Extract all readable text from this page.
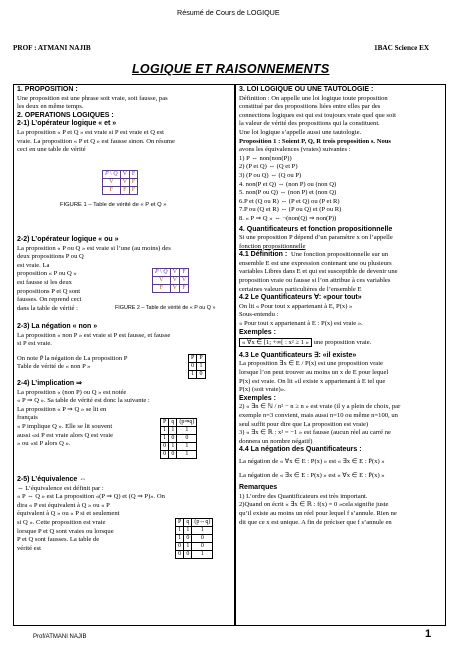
Résumé de Cours de LOGIQUE
PROF : ATMANI NAJIB	1BAC Science EX
LOGIQUE ET RAISONNEMENTS
1. PROPOSITION :
Une proposition est une phrase soit vraie, soit fausse, pas
les deux en même temps.
2. OPERATIONS LOGIQUES :
2-1) L’opérateur logique « et »
La proposition « P et Q » est vraie si P est vraie et Q est
vraie. La proposition « P et Q » est fausse sinon. On résume
ceci en une table de vérité
P \ Q	V	F
V	V	F
F	F	F
FIGURE 1 – Table de vérité de « P et Q »
2-2) L’opérateur logique « ou »
La proposition « P ou Q » est vraie si l’une (au moins) des
deux propositions P ou Q
est vraie. La
proposition « P ou Q »
est fausse si les deux
propositions P et Q sont
fausses. On reprend ceci
dans la table de vérité :
P \ Q	V	F
V	V	V
F	V	F
FIGURE 2 – Table de vérité de « P ou Q »
2-3) La négation « non »
La proposition « non P » est vraie si P est fausse, et fausse
si P est vraie.
On note P̄ la négation de La proposition P
Table de vérité de « non P »
P	P̄
0	1
1	0
2-4) L’implication ⇒
La proposition « (non P) ou Q » est notée
« P ⇒ Q ». Sa table de vérité est donc la suivante :
La proposition « P ⇒ Q » se lit en
français
« P implique Q ». Elle se lit souvent
aussi «si P est vraie alors Q est vraie
» ou «si P alors Q ».
P	q	(p⇒q)
1	1	1
1	0	0
0	1	1
0	0	1
2-5) L’équivalence ⇔
⇔ L’équivalence est définit par :
« P ⇔ Q » est La proposition «(P ⇒ Q) et (Q ⇒ P)». On
dira « P est équivalent à Q » ou « P
équivalent à Q » ou « P si et seulement
si Q ». Cette proposition est vraie
lorsque P et Q sont vraies ou lorsque
P et Q sont fausses. La table de
vérité est
P	q	(p⇔q)
1	1	1
1	0	0
0	1	0
0	0	1
3. LOI LOGIQUE OU UNE TAUTOLOGIE :
Définition : On appelle une loi logique toute proposition
constitué par des propositions liées entre elles par des
connections logiques est qui est toujours vraie quel que soit
la valeur de vérité des propositions qui la constituent.
Une loi logique s’appelle aussi une tautologie.
Proposition 1 : Soient P, Q, R trois proposition s. Nous
avons les équivalences (vraies) suivantes :
1) P ⇔ non(non(P))
2) (P et Q) ⇔ (Q et P)
3) (P ou Q) ⇔ (Q ou P)
4. non(P et Q) ⇔ (non P) ou (non Q)
5. non(P ou Q) ⇔ (non P) et (non Q)
6.P et (Q ou R) ⇔ (P et Q) ou (P et R)
7.P ou (Q et R) ⇔ (P ou Q) et (P ou R)
8. « P ⇒ Q » ⇔ ¬(non(Q) ⇒ non(P))
4. Quantificateurs et fonction propositionnelle
Si une proposition P dépend d’un paramètre x on l’appelle
fonction propositionnelle
4.1 Définition : Une fonction propositionnelle sur un
ensemble E est une expression contenant une ou plusieurs
variables Libres dans E et qui est susceptible de devenir une
proposition vraie ou fausse si l’on attribue à ces variables
certaines valeurs particulières de l’ensemble E
4.2 Le Quantificateurs ∀: «pour tout»
On lit « Pour tout x appartenant à E, P(x) »
Sous-entendu :
« Pour tout x appartenant à E : P(x) est vraie ».
Exemples :
« ∀x ∈ [1; +∞[ : x² ≥ 1 » une proposition vraie.
4.3 Le Quantificateurs ∃: «il existe»
La proposition ∃x ∈ E / P(x) est une proposition vraie
lorsque l’on peut trouver au moins un x de E pour lequel
P(x) est vraie. On lit «il existe x appartenant à E tel que
P(x) (soit vraie)».
Exemples :
2) « ∃n ∈ ℕ / n² − n ≥ n » est vraie (il y a plein de choix, par
exemple n=3 convient, mais aussi n=10 ou même n=100, un
seul suffit pour dire que La proposition est vraie)
3) « ∃x ∈ ℝ : x² = −1 » est fausse (aucun réel au carré ne
donnera un nombre négatif)
4.4 La négation des Quantificateurs :
La négation de « ∀x ∈ E : P(x) » est « ∃x ∈ E : P̄(x) »
La négation de « ∃x ∈ E : P(x) » est « ∀x ∈ E : P̄(x) »
Remarques
1) L’ordre des Quantificateurs est très important.
2)Quand on écrit « ∃x ∈ ℝ : f(x) = 0 »cela signifie juste
qu’il existe au moins un réel pour lequel f s’annule. Rien ne
dit que ce x est unique. A fin de préciser que f s’annule en
Prof/ATMANI NAJIB	1
